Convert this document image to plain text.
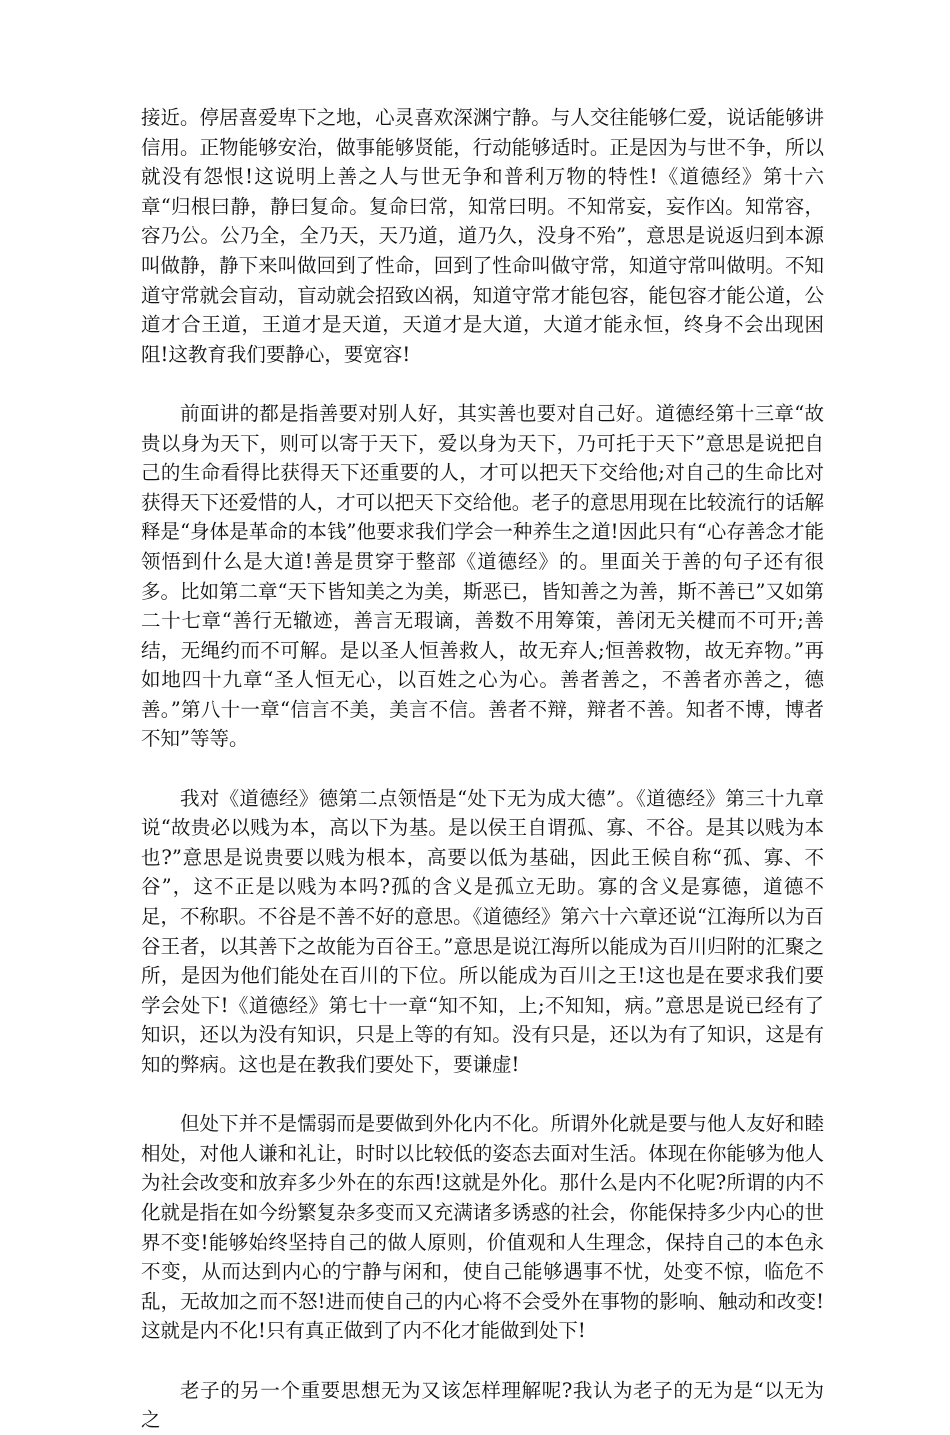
接近。停居喜爱卑下之地，心灵喜欢深渊宁静。与人交往能够仁爱，说话能够讲信用。正物能够安治，做事能够贤能，行动能够适时。正是因为与世不争，所以就没有怨恨!这说明上善之人与世无争和普利万物的特性!《道德经》第十六章“归根曰静，静曰复命。复命曰常，知常曰明。不知常妄，妄作凶。知常容，容乃公。公乃全，全乃天，天乃道，道乃久，没身不殆”，意思是说返归到本源叫做静，静下来叫做回到了性命，回到了性命叫做守常，知道守常叫做明。不知道守常就会盲动，盲动就会招致凶祸，知道守常才能包容，能包容才能公道，公道才合王道，王道才是天道，天道才是大道，大道才能永恒，终身不会出现困阻!这教育我们要静心，要宽容!

前面讲的都是指善要对别人好，其实善也要对自己好。道德经第十三章“故贵以身为天下，则可以寄于天下，爱以身为天下，乃可托于天下”意思是说把自己的生命看得比获得天下还重要的人，才可以把天下交给他;对自己的生命比对获得天下还爱惜的人，才可以把天下交给他。老子的意思用现在比较流行的话解释是“身体是革命的本钱”他要求我们学会一种养生之道!因此只有“心存善念才能领悟到什么是大道!善是贯穿于整部《道德经》的。里面关于善的句子还有很多。比如第二章“天下皆知美之为美，斯恶已，皆知善之为善，斯不善已”又如第二十七章“善行无辙迹，善言无瑕谪，善数不用筹策，善闭无关楗而不可开;善结，无绳约而不可解。是以圣人恒善救人，故无弃人;恒善救物，故无弃物。”再如地四十九章“圣人恒无心，以百姓之心为心。善者善之，不善者亦善之，德善。”第八十一章“信言不美，美言不信。善者不辩，辩者不善。知者不博，博者不知”等等。

我对《道德经》德第二点领悟是“处下无为成大德”。《道德经》第三十九章说“故贵必以贱为本，高以下为基。是以侯王自谓孤、寡、不谷。是其以贱为本也?”意思是说贵要以贱为根本，高要以低为基础，因此王候自称“孤、寡、不谷”，这不正是以贱为本吗?孤的含义是孤立无助。寡的含义是寡德，道德不足，不称职。不谷是不善不好的意思。《道德经》第六十六章还说“江海所以为百谷王者，以其善下之故能为百谷王。”意思是说江海所以能成为百川归附的汇聚之所，是因为他们能处在百川的下位。所以能成为百川之王!这也是在要求我们要学会处下!《道德经》第七十一章“知不知，上;不知知，病。”意思是说已经有了知识，还以为没有知识，只是上等的有知。没有只是，还以为有了知识，这是有知的弊病。这也是在教我们要处下，要谦虚!

但处下并不是懦弱而是要做到外化内不化。所谓外化就是要与他人友好和睦相处，对他人谦和礼让，时时以比较低的姿态去面对生活。体现在你能够为他人为社会改变和放弃多少外在的东西!这就是外化。那什么是内不化呢?所谓的内不化就是指在如今纷繁复杂多变而又充满诸多诱惑的社会，你能保持多少内心的世界不变!能够始终坚持自己的做人原则，价值观和人生理念，保持自己的本色永不变，从而达到内心的宁静与闲和，使自己能够遇事不忧，处变不惊，临危不乱，无故加之而不怒!进而使自己的内心将不会受外在事物的影响、触动和改变!这就是内不化!只有真正做到了内不化才能做到处下!

老子的另一个重要思想无为又该怎样理解呢?我认为老子的无为是“以无为之
